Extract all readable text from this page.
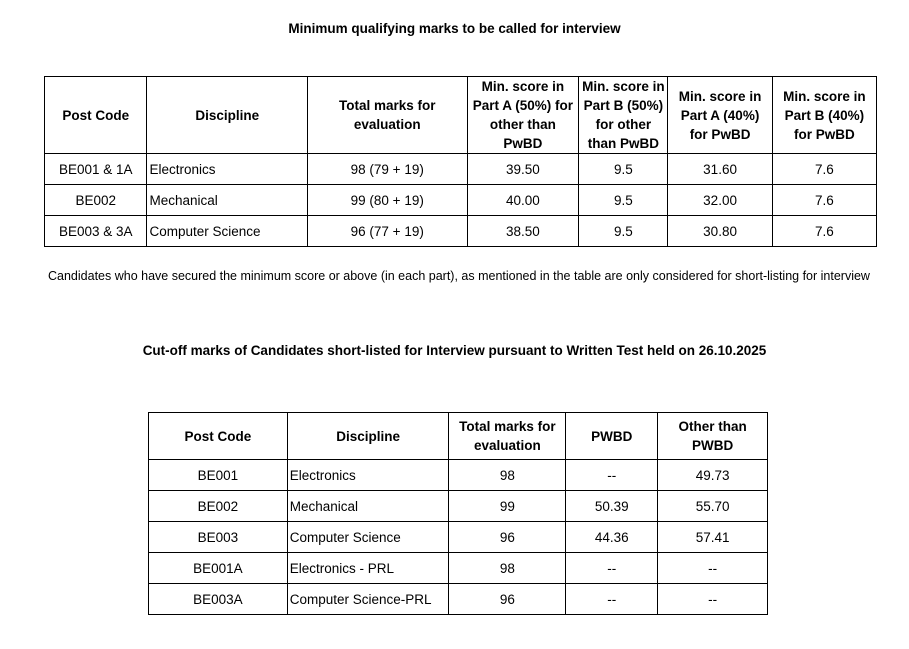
Minimum qualifying marks to be called for interview
Post Code	Discipline	Total marks for evaluation	Min. score in Part A (50%) for other than PwBD	Min. score in Part B (50%) for other than PwBD	Min. score in Part A (40%) for PwBD	Min. score in Part B (40%) for PwBD
BE001 & 1A	Electronics	98 (79 + 19)	39.50	9.5	31.60	7.6
BE002	Mechanical	99 (80 + 19)	40.00	9.5	32.00	7.6
BE003 & 3A	Computer Science	96 (77 + 19)	38.50	9.5	30.80	7.6
Candidates who have secured the minimum score or above (in each part), as mentioned in the table are only considered for short-listing for interview
Cut-off marks of Candidates short-listed for Interview pursuant to Written Test held on 26.10.2025
Post Code	Discipline	Total marks for evaluation	PWBD	Other than PWBD
BE001	Electronics	98	--	49.73
BE002	Mechanical	99	50.39	55.70
BE003	Computer Science	96	44.36	57.41
BE001A	Electronics - PRL	98	--	--
BE003A	Computer Science-PRL	96	--	--
